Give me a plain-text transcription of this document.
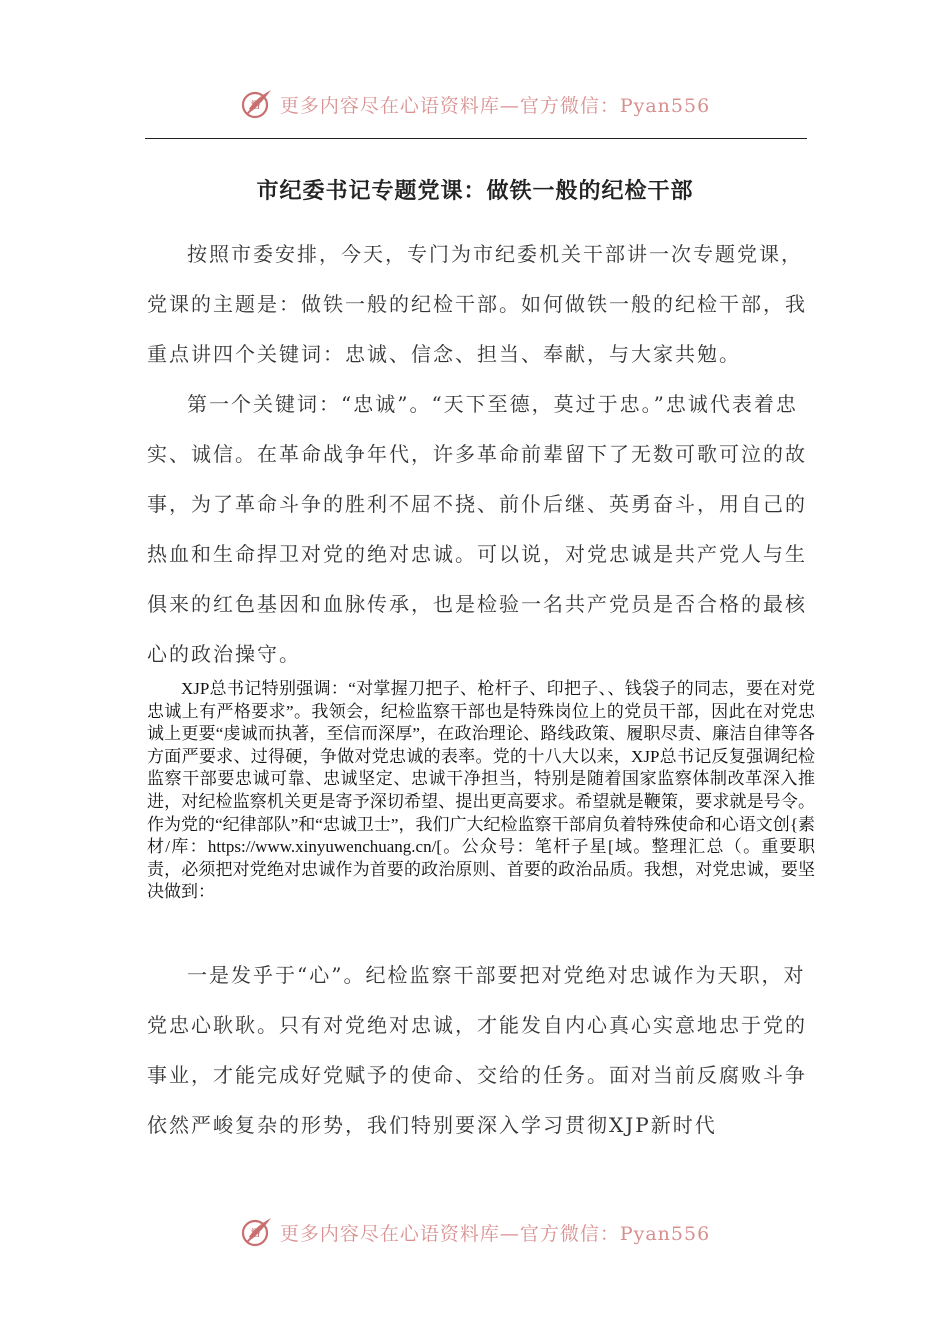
更多内容尽在心语资料库—官方微信：Pyan556
市纪委书记专题党课：做铁一般的纪检干部

按照市委安排，今天，专门为市纪委机关干部讲一次专题党课，党课的主题是：做铁一般的纪检干部。如何做铁一般的纪检干部，我重点讲四个关键词：忠诚、信念、担当、奉献，与大家共勉。

第一个关键词：“忠诚”。“天下至德，莫过于忠。”忠诚代表着忠实、诚信。在革命战争年代，许多革命前辈留下了无数可歌可泣的故事，为了革命斗争的胜利不屈不挠、前仆后继、英勇奋斗，用自己的热血和生命捍卫对党的绝对忠诚。可以说，对党忠诚是共产党人与生俱来的红色基因和血脉传承，也是检验一名共产党员是否合格的最核心的政治操守。

XJP总书记特别强调：“对掌握刀把子、枪杆子、印把子、、钱袋子的同志，要在对党忠诚上有严格要求”。我领会，纪检监察干部也是特殊岗位上的党员干部，因此在对党忠诚上更要“虔诚而执著，至信而深厚”，在政治理论、路线政策、履职尽责、廉洁自律等各方面严要求、过得硬，争做对党忠诚的表率。党的十八大以来，XJP总书记反复强调纪检监察干部要忠诚可靠、忠诚坚定、忠诚干净担当，特别是随着国家监察体制改革深入推进，对纪检监察机关更是寄予深切希望、提出更高要求。希望就是鞭策，要求就是号令。作为党的“纪律部队”和“忠诚卫士”，我们广大纪检监察干部肩负着特殊使命和心语文创{素材/库：https://www.xinyuwenchuang.cn/[。公众号：笔杆子星[域。整理汇总（。重要职责，必须把对党绝对忠诚作为首要的政治原则、首要的政治品质。我想，对党忠诚，要坚决做到：

一是发乎于“心”。纪检监察干部要把对党绝对忠诚作为天职，对党忠心耿耿。只有对党绝对忠诚，才能发自内心真心实意地忠于党的事业，才能完成好党赋予的使命、交给的任务。面对当前反腐败斗争依然严峻复杂的形势，我们特别要深入学习贯彻XJP新时代

更多内容尽在心语资料库—官方微信：Pyan556
